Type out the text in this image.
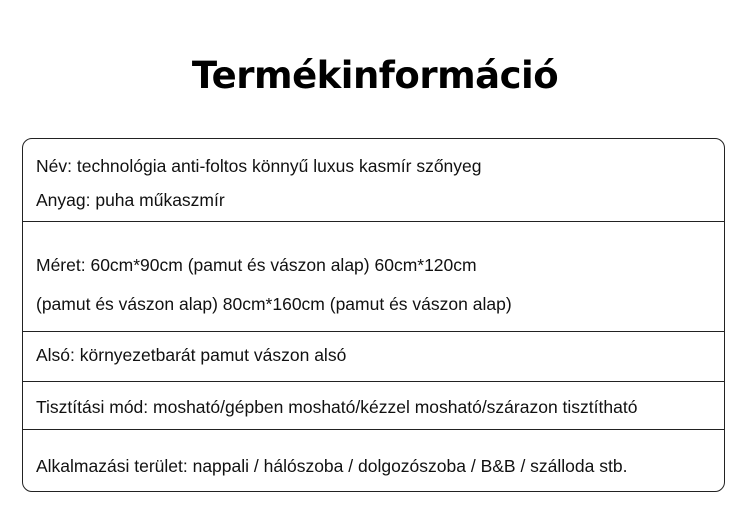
Termékinformáció
Név: technológia anti-foltos könnyű luxus kasmír szőnyeg
Anyag: puha műkaszmír
Méret: 60cm*90cm (pamut és vászon alap) 60cm*120cm
(pamut és vászon alap) 80cm*160cm (pamut és vászon alap)
Alsó: környezetbarát pamut vászon alsó
Tisztítási mód: mosható/gépben mosható/kézzel mosható/szárazon tisztítható
Alkalmazási terület: nappali / hálószoba / dolgozószoba / B&B / szálloda stb.
